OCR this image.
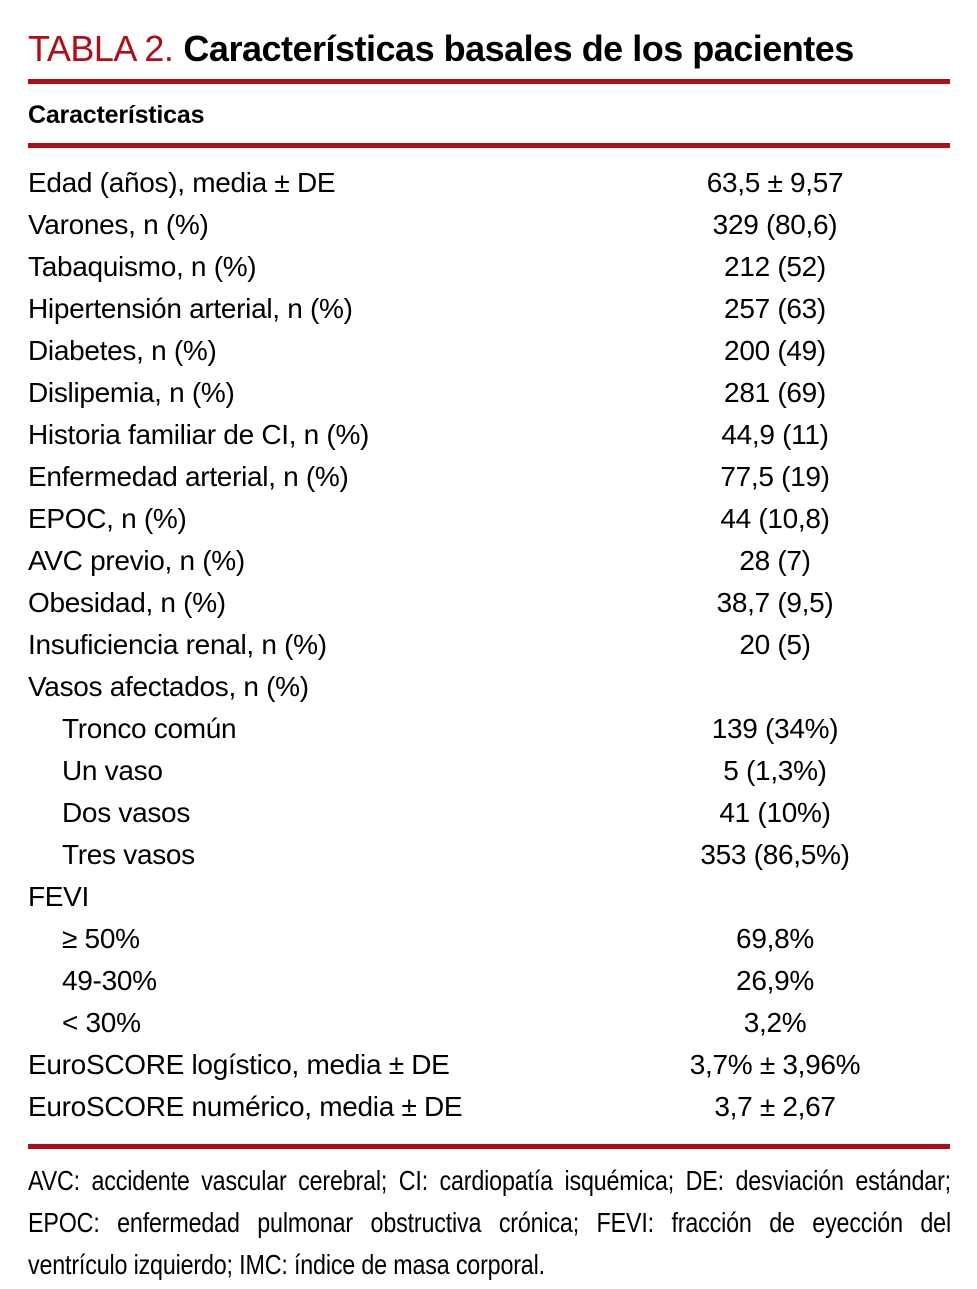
TABLA 2. Características basales de los pacientes
Características
Edad (años), media ± DE	63,5 ± 9,57
Varones, n (%)	329 (80,6)
Tabaquismo, n (%)	212 (52)
Hipertensión arterial, n (%)	257 (63)
Diabetes, n (%)	200 (49)
Dislipemia, n (%)	281 (69)
Historia familiar de CI, n (%)	44,9 (11)
Enfermedad arterial, n (%)	77,5 (19)
EPOC, n (%)	44 (10,8)
AVC previo, n (%)	28 (7)
Obesidad, n (%)	38,7 (9,5)
Insuficiencia renal, n (%)	20 (5)
Vasos afectados, n (%)
Tronco común	139 (34%)
Un vaso	5 (1,3%)
Dos vasos	41 (10%)
Tres vasos	353 (86,5%)
FEVI
≥ 50%	69,8%
49-30%	26,9%
< 30%	3,2%
EuroSCORE logístico, media ± DE	3,7% ± 3,96%
EuroSCORE numérico, media ± DE	3,7 ± 2,67
AVC: accidente vascular cerebral; CI: cardiopatía isquémica; DE: desviación estándar; EPOC: enfermedad pulmonar obstructiva crónica; FEVI: fracción de eyección del ventrículo izquierdo; IMC: índice de masa corporal.
